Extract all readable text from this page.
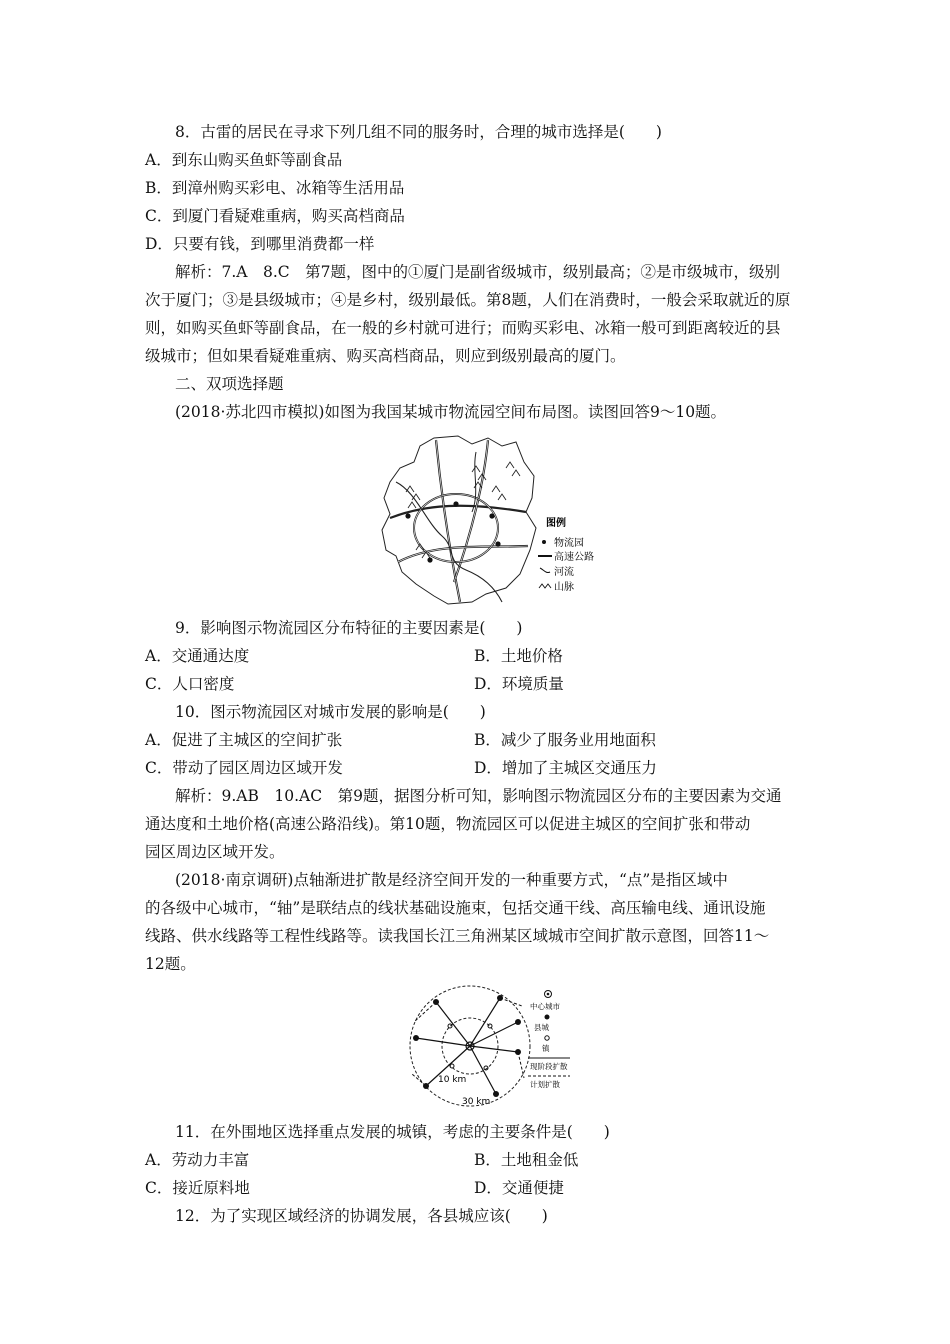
8．古雷的居民在寻求下列几组不同的服务时，合理的城市选择是(　　)
A．到东山购买鱼虾等副食品
B．到漳州购买彩电、冰箱等生活用品
C．到厦门看疑难重病，购买高档商品
D．只要有钱，到哪里消费都一样
解析：7.A　8.C　第7题，图中的①厦门是副省级城市，级别最高；②是市级城市，级别
次于厦门；③是县级城市；④是乡村，级别最低。第8题，人们在消费时，一般会采取就近的原
则，如购买鱼虾等副食品，在一般的乡村就可进行；而购买彩电、冰箱一般可到距离较近的县
级城市；但如果看疑难重病、购买高档商品，则应到级别最高的厦门。
二、双项选择题
(2018·苏北四市模拟)如图为我国某城市物流园空间布局图。读图回答9～10题。
图例
物流园
高速公路
河流
山脉
9．影响图示物流园区分布特征的主要因素是(　　)
A．交通通达度	B．土地价格
C．人口密度	D．环境质量
10．图示物流园区对城市发展的影响是(　　)
A．促进了主城区的空间扩张	B．减少了服务业用地面积
C．带动了园区周边区域开发	D．增加了主城区交通压力
解析：9.AB　10.AC　第9题，据图分析可知，影响图示物流园区分布的主要因素为交通
通达度和土地价格(高速公路沿线)。第10题，物流园区可以促进主城区的空间扩张和带动
园区周边区域开发。
(2018·南京调研)点轴渐进扩散是经济空间开发的一种重要方式，“点”是指区域中
的各级中心城市，“轴”是联结点的线状基础设施束，包括交通干线、高压输电线、通讯设施
线路、供水线路等工程性线路等。读我国长江三角洲某区域城市空间扩散示意图，回答11～
12题。
10 km
30 km
中心城市
县城
镇
现阶段扩散
计划扩散
11．在外围地区选择重点发展的城镇，考虑的主要条件是(　　)
A．劳动力丰富	B．土地租金低
C．接近原料地	D．交通便捷
12．为了实现区域经济的协调发展，各县城应该(　　)
